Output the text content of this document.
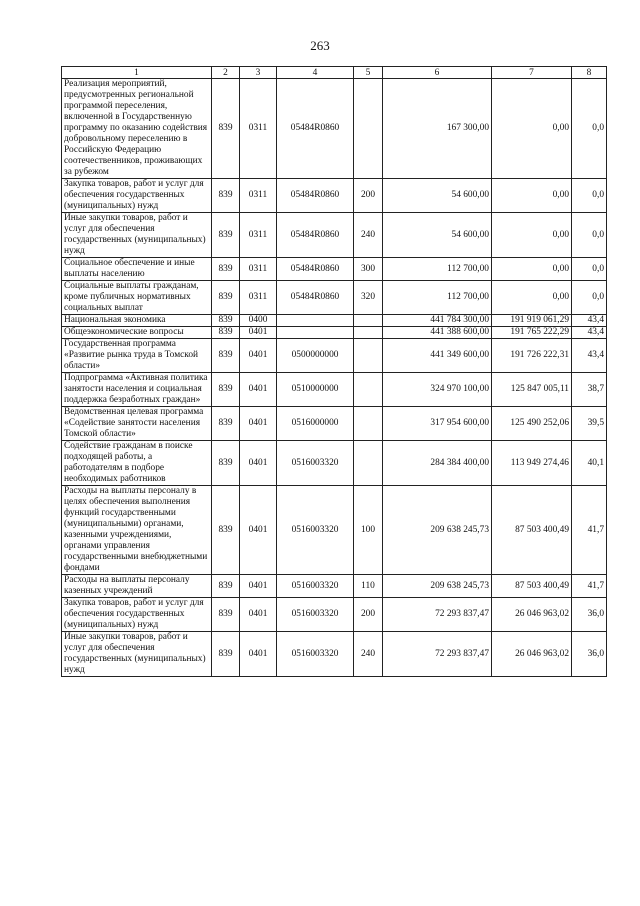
263
1	2	3	4	5	6	7	8
Реализация мероприятий, предусмотренных региональной программой переселения, включенной в Государственную программу по оказанию содействия добровольному переселению в Российскую Федерацию соотечественников, проживающих за рубежом	839	0311	05484R0860		167 300,00	0,00	0,0
Закупка товаров, работ и услуг для обеспечения государственных (муниципальных) нужд	839	0311	05484R0860	200	54 600,00	0,00	0,0
Иные закупки товаров, работ и услуг для обеспечения государственных (муниципальных) нужд	839	0311	05484R0860	240	54 600,00	0,00	0,0
Социальное обеспечение и иные выплаты населению	839	0311	05484R0860	300	112 700,00	0,00	0,0
Социальные выплаты гражданам, кроме публичных нормативных социальных выплат	839	0311	05484R0860	320	112 700,00	0,00	0,0
Национальная экономика	839	0400			441 784 300,00	191 919 061,29	43,4
Общеэкономические вопросы	839	0401			441 388 600,00	191 765 222,29	43,4
Государственная программа «Развитие рынка труда в Томской области»	839	0401	0500000000		441 349 600,00	191 726 222,31	43,4
Подпрограмма «Активная политика занятости населения и социальная поддержка безработных граждан»	839	0401	0510000000		324 970 100,00	125 847 005,11	38,7
Ведомственная целевая программа «Содействие занятости населения Томской области»	839	0401	0516000000		317 954 600,00	125 490 252,06	39,5
Содействие гражданам в поиске подходящей работы, а работодателям в подборе необходимых работников	839	0401	0516003320		284 384 400,00	113 949 274,46	40,1
Расходы на выплаты персоналу в целях обеспечения выполнения функций государственными (муниципальными) органами, казенными учреждениями, органами управления государственными внебюджетными фондами	839	0401	0516003320	100	209 638 245,73	87 503 400,49	41,7
Расходы на выплаты персоналу казенных учреждений	839	0401	0516003320	110	209 638 245,73	87 503 400,49	41,7
Закупка товаров, работ и услуг для обеспечения государственных (муниципальных) нужд	839	0401	0516003320	200	72 293 837,47	26 046 963,02	36,0
Иные закупки товаров, работ и услуг для обеспечения государственных (муниципальных) нужд	839	0401	0516003320	240	72 293 837,47	26 046 963,02	36,0
